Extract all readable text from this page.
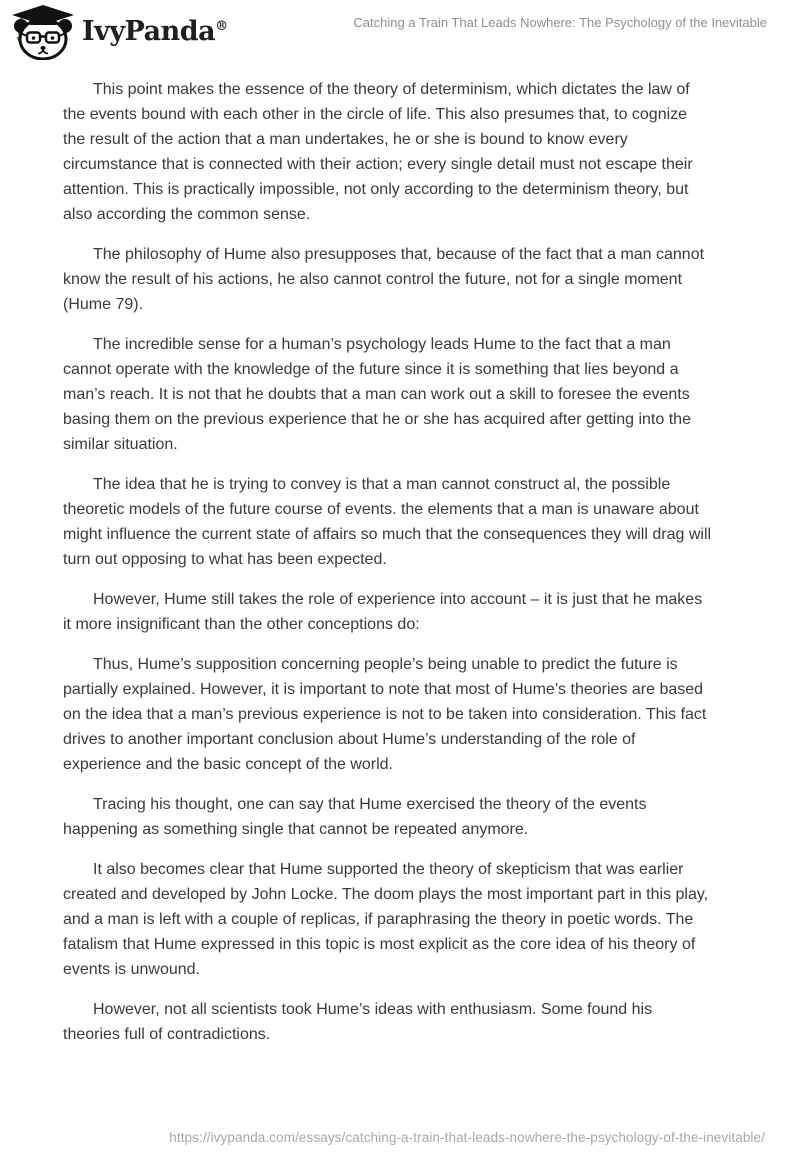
IvyPanda®	Catching a Train That Leads Nowhere: The Psychology of the Inevitable

This point makes the essence of the theory of determinism, which dictates the law of the events bound with each other in the circle of life. This also presumes that, to cognize the result of the action that a man undertakes, he or she is bound to know every circumstance that is connected with their action; every single detail must not escape their attention. This is practically impossible, not only according to the determinism theory, but also according the common sense.

The philosophy of Hume also presupposes that, because of the fact that a man cannot know the result of his actions, he also cannot control the future, not for a single moment (Hume 79).

The incredible sense for a human’s psychology leads Hume to the fact that a man cannot operate with the knowledge of the future since it is something that lies beyond a man’s reach. It is not that he doubts that a man can work out a skill to foresee the events basing them on the previous experience that he or she has acquired after getting into the similar situation.

The idea that he is trying to convey is that a man cannot construct al, the possible theoretic models of the future course of events. the elements that a man is unaware about might influence the current state of affairs so much that the consequences they will drag will turn out opposing to what has been expected.

However, Hume still takes the role of experience into account – it is just that he makes it more insignificant than the other conceptions do:

Thus, Hume’s supposition concerning people’s being unable to predict the future is partially explained. However, it is important to note that most of Hume’s theories are based on the idea that a man’s previous experience is not to be taken into consideration. This fact drives to another important conclusion about Hume’s understanding of the role of experience and the basic concept of the world.

Tracing his thought, one can say that Hume exercised the theory of the events happening as something single that cannot be repeated anymore.

It also becomes clear that Hume supported the theory of skepticism that was earlier created and developed by John Locke. The doom plays the most important part in this play, and a man is left with a couple of replicas, if paraphrasing the theory in poetic words. The fatalism that Hume expressed in this topic is most explicit as the core idea of his theory of events is unwound.

However, not all scientists took Hume’s ideas with enthusiasm. Some found his theories full of contradictions.

https://ivypanda.com/essays/catching-a-train-that-leads-nowhere-the-psychology-of-the-inevitable/
